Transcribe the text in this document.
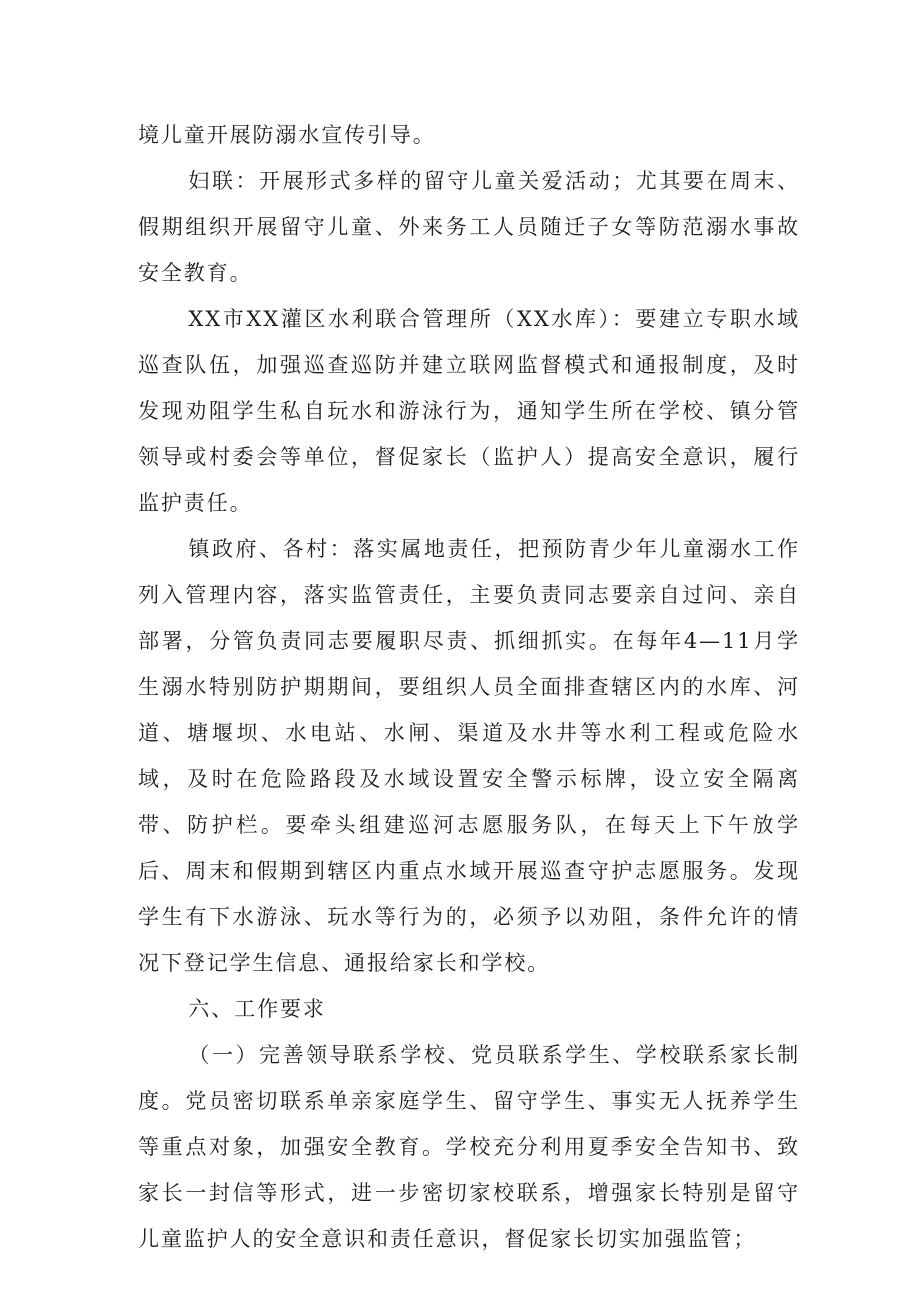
境儿童开展防溺水宣传引导。

妇联：开展形式多样的留守儿童关爱活动；尤其要在周末、假期组织开展留守儿童、外来务工人员随迁子女等防范溺水事故安全教育。

XX市XX灌区水利联合管理所（XX水库）：要建立专职水域巡查队伍，加强巡查巡防并建立联网监督模式和通报制度，及时发现劝阻学生私自玩水和游泳行为，通知学生所在学校、镇分管领导或村委会等单位，督促家长（监护人）提高安全意识，履行监护责任。

镇政府、各村：落实属地责任，把预防青少年儿童溺水工作列入管理内容，落实监管责任，主要负责同志要亲自过问、亲自部署，分管负责同志要履职尽责、抓细抓实。在每年4—11月学生溺水特别防护期期间，要组织人员全面排查辖区内的水库、河道、塘堰坝、水电站、水闸、渠道及水井等水利工程或危险水域，及时在危险路段及水域设置安全警示标牌，设立安全隔离带、防护栏。要牵头组建巡河志愿服务队，在每天上下午放学后、周末和假期到辖区内重点水域开展巡查守护志愿服务。发现学生有下水游泳、玩水等行为的，必须予以劝阻，条件允许的情况下登记学生信息、通报给家长和学校。

六、工作要求

（一）完善领导联系学校、党员联系学生、学校联系家长制度。党员密切联系单亲家庭学生、留守学生、事实无人抚养学生等重点对象，加强安全教育。学校充分利用夏季安全告知书、致家长一封信等形式，进一步密切家校联系，增强家长特别是留守儿童监护人的安全意识和责任意识，督促家长切实加强监管；
